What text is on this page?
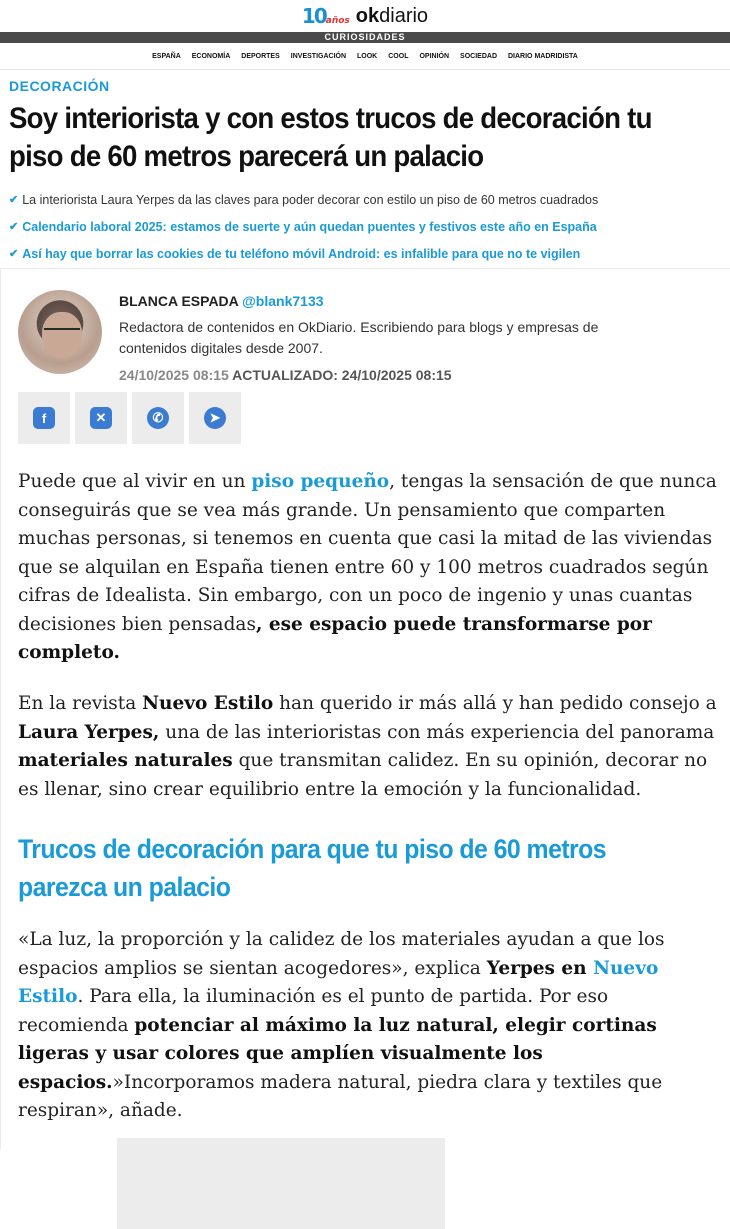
10años okdiario
CURIOSIDADES
ESPAÑA ECONOMÍA DEPORTES INVESTIGACIÓN LOOK COOL OPINIÓN SOCIEDAD DIARIO MADRIDISTA
DECORACIÓN
Soy interiorista y con estos trucos de decoración tu piso de 60 metros parecerá un palacio
✔ La interiorista Laura Yerpes da las claves para poder decorar con estilo un piso de 60 metros cuadrados
✔ Calendario laboral 2025: estamos de suerte y aún quedan puentes y festivos este año en España
✔ Así hay que borrar las cookies de tu teléfono móvil Android: es infalible para que no te vigilen
BLANCA ESPADA @blank7133
Redactora de contenidos en OkDiario. Escribiendo para blogs y empresas de contenidos digitales desde 2007.
24/10/2025 08:15 ACTUALIZADO: 24/10/2025 08:15
f	✕	✆	➤

Puede que al vivir en un piso pequeño, tengas la sensación de que nunca conseguirás que se vea más grande. Un pensamiento que comparten muchas personas, si tenemos en cuenta que casi la mitad de las viviendas que se alquilan en España tienen entre 60 y 100 metros cuadrados según cifras de Idealista. Sin embargo, con un poco de ingenio y unas cuantas decisiones bien pensadas, ese espacio puede transformarse por completo.

En la revista Nuevo Estilo han querido ir más allá y han pedido consejo a Laura Yerpes, una de las interioristas con más experiencia del panorama materiales naturales que transmitan calidez. En su opinión, decorar no es llenar, sino crear equilibrio entre la emoción y la funcionalidad.

Trucos de decoración para que tu piso de 60 metros parezca un palacio

«La luz, la proporción y la calidez de los materiales ayudan a que los espacios amplios se sientan acogedores», explica Yerpes en Nuevo Estilo. Para ella, la iluminación es el punto de partida. Por eso recomienda potenciar al máximo la luz natural, elegir cortinas ligeras y usar colores que amplíen visualmente los espacios.»Incorporamos madera natural, piedra clara y textiles que respiran», añade.
